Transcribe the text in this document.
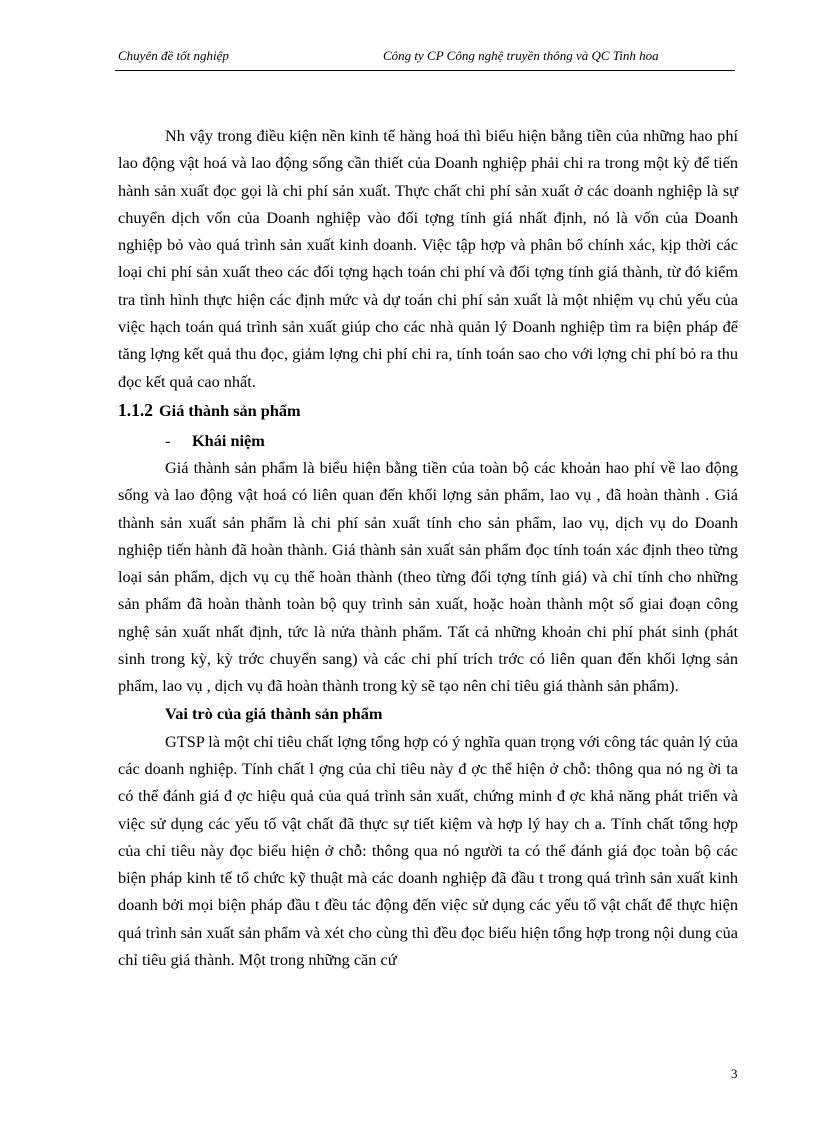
Chuyên đề tốt nghiệp	Công ty CP Công nghệ truyền thông và QC Tinh hoa

Nh vậy trong điều kiện nền kinh tế hàng hoá thì biểu hiện bằng tiền của những hao phí lao động vật hoá và lao động sống cần thiết của Doanh nghiệp phải chi ra trong một kỳ để tiến hành sản xuất đọc gọi là chi phí sản xuất. Thực chất chi phí sản xuất ở các doanh nghiệp là sự chuyển dịch vốn của Doanh nghiệp vào đối tợng tính giá nhất định, nó là vốn của Doanh nghiệp bỏ vào quá trình sản xuất kinh doanh. Việc tập hợp và phân bổ chính xác, kịp thời các loại chi phí sản xuất theo các đối tợng hạch toán chi phí và đối tợng tính giá thành, từ đó kiểm tra tình hình thực hiện các định mức và dự toán chi phí sản xuất là một nhiệm vụ chủ yếu của việc hạch toán quá trình sản xuất giúp cho các nhà quản lý Doanh nghiệp tìm ra biện pháp để tăng lợng kết quả thu đọc, giảm lợng chi phí chi ra, tính toán sao cho với lợng chi phí bỏ ra thu đọc kết quả cao nhất.

1.1.2 Giá thành sản phẩm
- Khái niệm

Giá thành sản phẩm là biểu hiện bằng tiền của toàn bộ các khoản hao phí về lao động sống và lao động vật hoá có liên quan đến khối lợng sản phẩm, lao vụ , đã hoàn thành . Giá thành sản xuất sản phẩm là chi phí sản xuất tính cho sản phẩm, lao vụ, dịch vụ do Doanh nghiệp tiến hành đã hoàn thành. Giá thành sản xuất sản phẩm đọc tính toán xác định theo từng loại sản phẩm, dịch vụ cụ thể hoàn thành (theo từng đối tợng tính giá) và chỉ tính cho những sản phẩm đã hoàn thành toàn bộ quy trình sản xuất, hoặc hoàn thành một số giai đoạn công nghệ sản xuất nhất định, tức là nửa thành phẩm. Tất cả những khoản chi phí phát sinh (phát sinh trong kỳ, kỳ trớc chuyển sang) và các chi phí trích trớc có liên quan đến khối lợng sản phẩm, lao vụ , dịch vụ đã hoàn thành trong kỳ sẽ tạo nên chỉ tiêu giá thành sản phẩm).

Vai trò của giá thành sản phẩm

GTSP là một chỉ tiêu chất lợng tổng hợp có ý nghĩa quan trọng với công tác quản lý của các doanh nghiệp. Tính chất l ợng của chỉ tiêu này đ ợc thể hiện ở chỗ: thông qua nó ng ời ta có thể đánh giá đ ợc hiệu quả của quá trình sản xuất, chứng minh đ ợc khả năng phát triển và việc sử dụng các yếu tố vật chất đã thực sự tiết kiệm và hợp lý hay ch a. Tính chất tổng hợp của chỉ tiêu này đọc biểu hiện ở chỗ: thông qua nó người ta có thể đánh giá đọc toàn bộ các biện pháp kinh tế tổ chức kỹ thuật mà các doanh nghiệp đã đầu t trong quá trình sản xuất kinh doanh bởi mọi biện pháp đầu t đều tác động đến việc sử dụng các yếu tố vật chất để thực hiện quá trình sản xuất sản phẩm và xét cho cùng thì đều đọc biểu hiện tổng hợp trong nội dung của chỉ tiêu giá thành. Một trong những căn cứ

3
